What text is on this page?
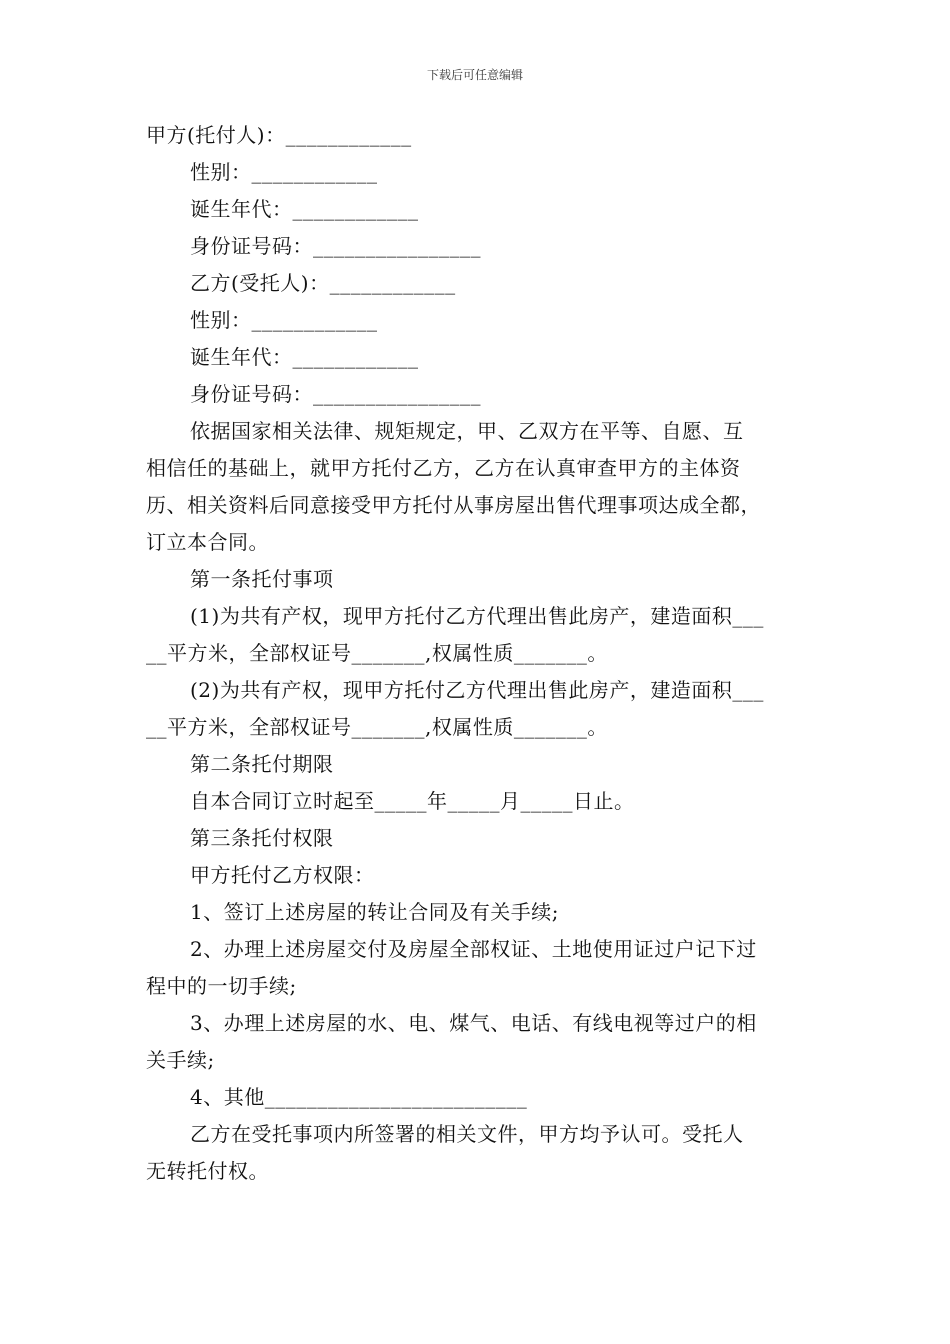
下载后可任意编辑
甲方(托付人)：____________
性别：____________
诞生年代：____________
身份证号码：________________
乙方(受托人)：____________
性别：____________
诞生年代：____________
身份证号码：________________
依据国家相关法律、规矩规定，甲、乙双方在平等、自愿、互
相信任的基础上，就甲方托付乙方，乙方在认真审查甲方的主体资
历、相关资料后同意接受甲方托付从事房屋出售代理事项达成全都，
订立本合同。
第一条托付事项
(1)为共有产权，现甲方托付乙方代理出售此房产，建造面积___
__平方米，全部权证号_______,权属性质_______。
(2)为共有产权，现甲方托付乙方代理出售此房产，建造面积___
__平方米，全部权证号_______,权属性质_______。
第二条托付期限
自本合同订立时起至_____年_____月_____日止。
第三条托付权限
甲方托付乙方权限：
1、签订上述房屋的转让合同及有关手续;
2、办理上述房屋交付及房屋全部权证、土地使用证过户记下过
程中的一切手续;
3、办理上述房屋的水、电、煤气、电话、有线电视等过户的相
关手续;
4、其他_________________________
乙方在受托事项内所签署的相关文件，甲方均予认可。受托人
无转托付权。
